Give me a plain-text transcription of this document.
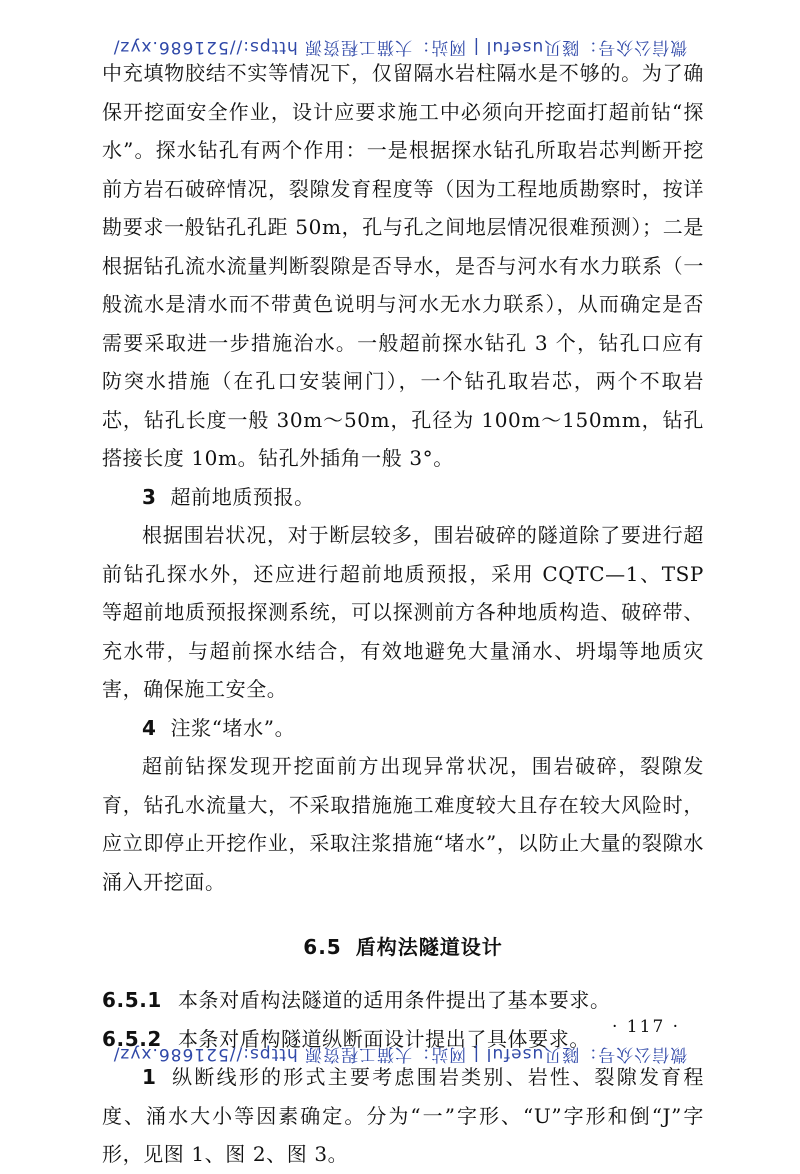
微信公众号：隧贝useful | 网站：大猫工程资源 https://521686.xyz/

中充填物胶结不实等情况下，仅留隔水岩柱隔水是不够的。为了确保开挖面安全作业，设计应要求施工中必须向开挖面打超前钻“探水”。探水钻孔有两个作用：一是根据探水钻孔所取岩芯判断开挖前方岩石破碎情况，裂隙发育程度等（因为工程地质勘察时，按详勘要求一般钻孔孔距 50m，孔与孔之间地层情况很难预测）；二是根据钻孔流水流量判断裂隙是否导水，是否与河水有水力联系（一般流水是清水而不带黄色说明与河水无水力联系），从而确定是否需要采取进一步措施治水。一般超前探水钻孔 3 个，钻孔口应有防突水措施（在孔口安装闸门），一个钻孔取岩芯，两个不取岩芯，钻孔长度一般 30m～50m，孔径为 100m～150mm，钻孔搭接长度 10m。钻孔外插角一般 3°。

3 超前地质预报。

根据围岩状况，对于断层较多，围岩破碎的隧道除了要进行超前钻孔探水外，还应进行超前地质预报，采用 CQTC—1、TSP 等超前地质预报探测系统，可以探测前方各种地质构造、破碎带、充水带，与超前探水结合，有效地避免大量涌水、坍塌等地质灾害，确保施工安全。

4 注浆“堵水”。

超前钻探发现开挖面前方出现异常状况，围岩破碎，裂隙发育，钻孔水流量大，不采取措施施工难度较大且存在较大风险时，应立即停止开挖作业，采取注浆措施“堵水”，以防止大量的裂隙水涌入开挖面。

6.5 盾构法隧道设计

6.5.1 本条对盾构法隧道的适用条件提出了基本要求。

6.5.2 本条对盾构隧道纵断面设计提出了具体要求。

1 纵断线形的形式主要考虑围岩类别、岩性、裂隙发育程度、涌水大小等因素确定。分为“一”字形、“U”字形和倒“J”字形，见图 1、图 2、图 3。

· 117 ·
微信公众号：隧贝useful | 网站：大猫工程资源 https://521686.xyz/
